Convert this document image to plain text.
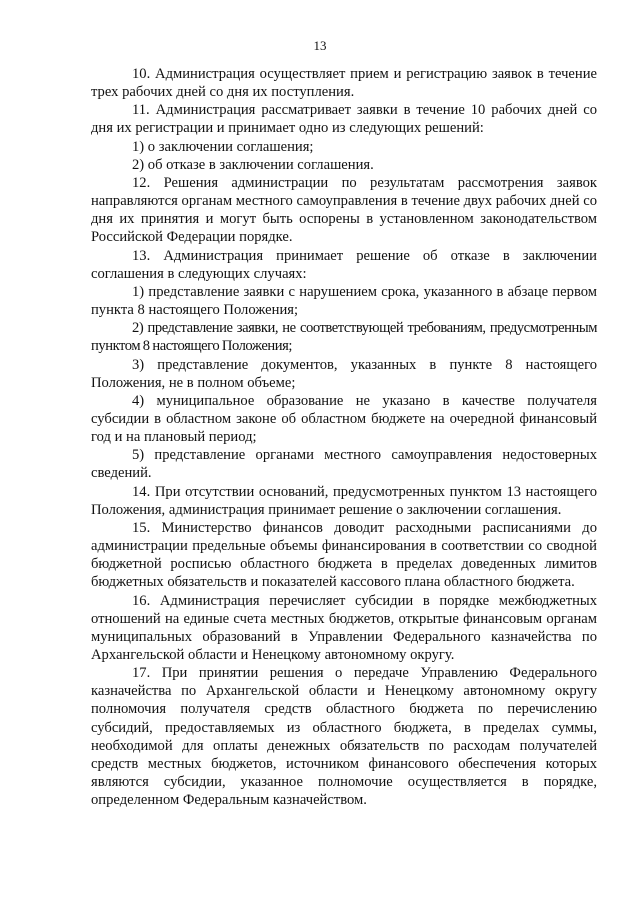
13

10. Администрация осуществляет прием и регистрацию заявок в течение трех рабочих дней со дня их поступления.

11. Администрация рассматривает заявки в течение 10 рабочих дней со дня их регистрации и принимает одно из следующих решений:

1) о заключении соглашения;

2) об отказе в заключении соглашения.

12. Решения администрации по результатам рассмотрения заявок направляются органам местного самоуправления в течение двух рабочих дней со дня их принятия и могут быть оспорены в установленном законодательством Российской Федерации порядке.

13. Администрация принимает решение об отказе в заключении соглашения в следующих случаях:

1) представление заявки с нарушением срока, указанного в абзаце первом пункта 8 настоящего Положения;

2) представление заявки, не соответствующей требованиям, предусмотренным пунктом 8 настоящего Положения;

3) представление документов, указанных в пункте 8 настоящего Положения, не в полном объеме;

4) муниципальное образование не указано в качестве получателя субсидии в областном законе об областном бюджете на очередной финансовый год и на плановый период;

5) представление органами местного самоуправления недостоверных сведений.

14. При отсутствии оснований, предусмотренных пунктом 13 настоящего Положения, администрация принимает решение о заключении соглашения.

15. Министерство финансов доводит расходными расписаниями до администрации предельные объемы финансирования в соответствии со сводной бюджетной росписью областного бюджета в пределах доведенных лимитов бюджетных обязательств и показателей кассового плана областного бюджета.

16. Администрация перечисляет субсидии в порядке межбюджетных отношений на единые счета местных бюджетов, открытые финансовым органам муниципальных образований в Управлении Федерального казначейства по Архангельской области и Ненецкому автономному округу.

17. При принятии решения о передаче Управлению Федерального казначейства по Архангельской области и Ненецкому автономному округу полномочия получателя средств областного бюджета по перечислению субсидий, предоставляемых из областного бюджета, в пределах суммы, необходимой для оплаты денежных обязательств по расходам получателей средств местных бюджетов, источником финансового обеспечения которых являются субсидии, указанное полномочие осуществляется в порядке, определенном Федеральным казначейством.
